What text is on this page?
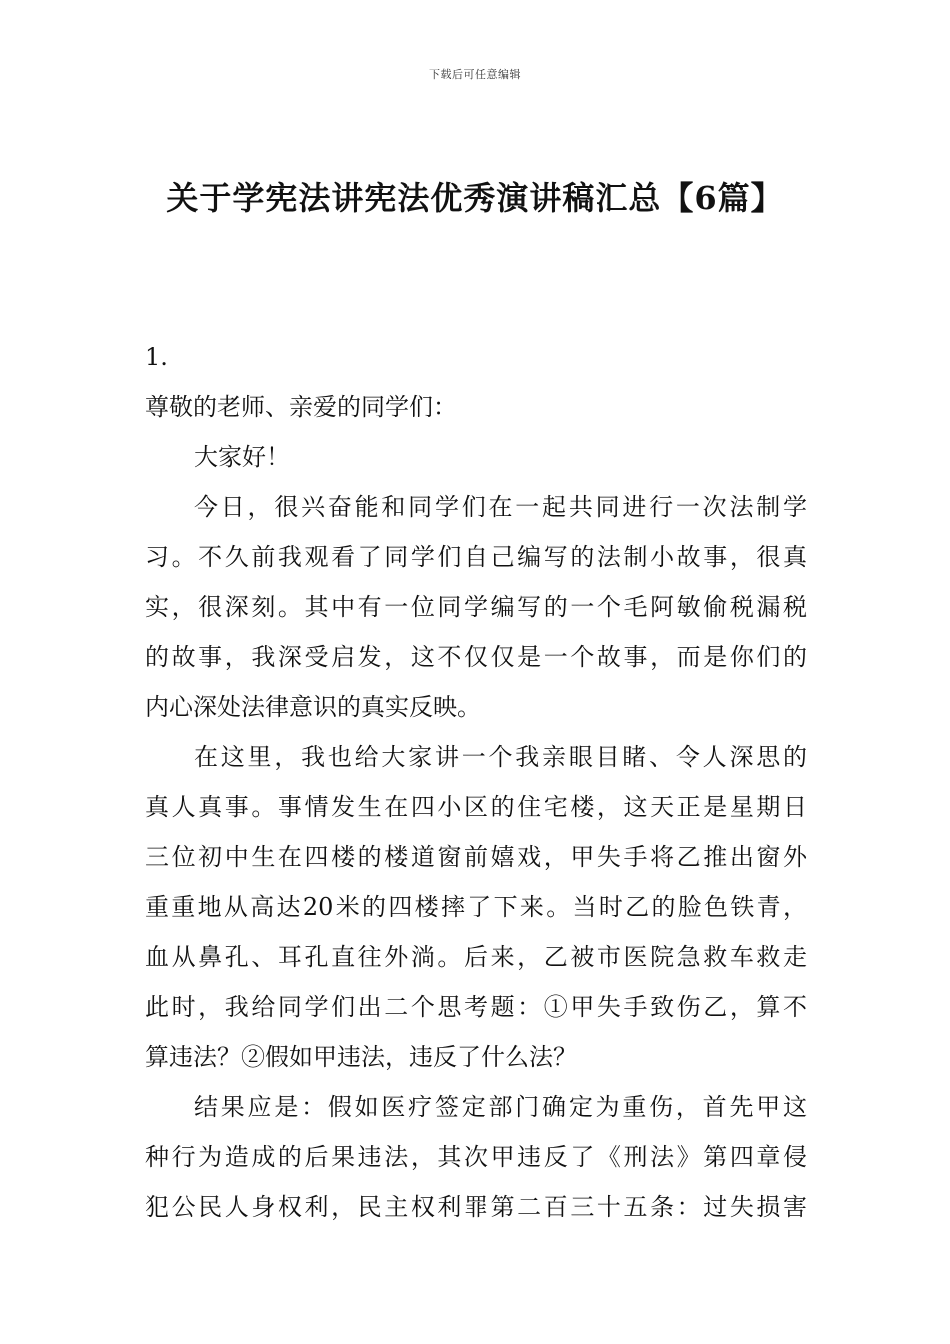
下载后可任意编辑
关于学宪法讲宪法优秀演讲稿汇总【6篇】
1.
尊敬的老师、亲爱的同学们：
大家好！
今日，很兴奋能和同学们在一起共同进行一次法制学
习。不久前我观看了同学们自己编写的法制小故事，很真
实，很深刻。其中有一位同学编写的一个毛阿敏偷税漏税
的故事，我深受启发，这不仅仅是一个故事，而是你们的
内心深处法律意识的真实反映。
在这里，我也给大家讲一个我亲眼目睹、令人深思的
真人真事。事情发生在四小区的住宅楼，这天正是星期日
三位初中生在四楼的楼道窗前嬉戏，甲失手将乙推出窗外
重重地从高达20米的四楼摔了下来。当时乙的脸色铁青，
血从鼻孔、耳孔直往外淌。后来，乙被市医院急救车救走
此时，我给同学们出二个思考题：①甲失手致伤乙，算不
算违法？②假如甲违法，违反了什么法？
结果应是：假如医疗签定部门确定为重伤，首先甲这
种行为造成的后果违法，其次甲违反了《刑法》第四章侵
犯公民人身权利，民主权利罪第二百三十五条：过失损害
